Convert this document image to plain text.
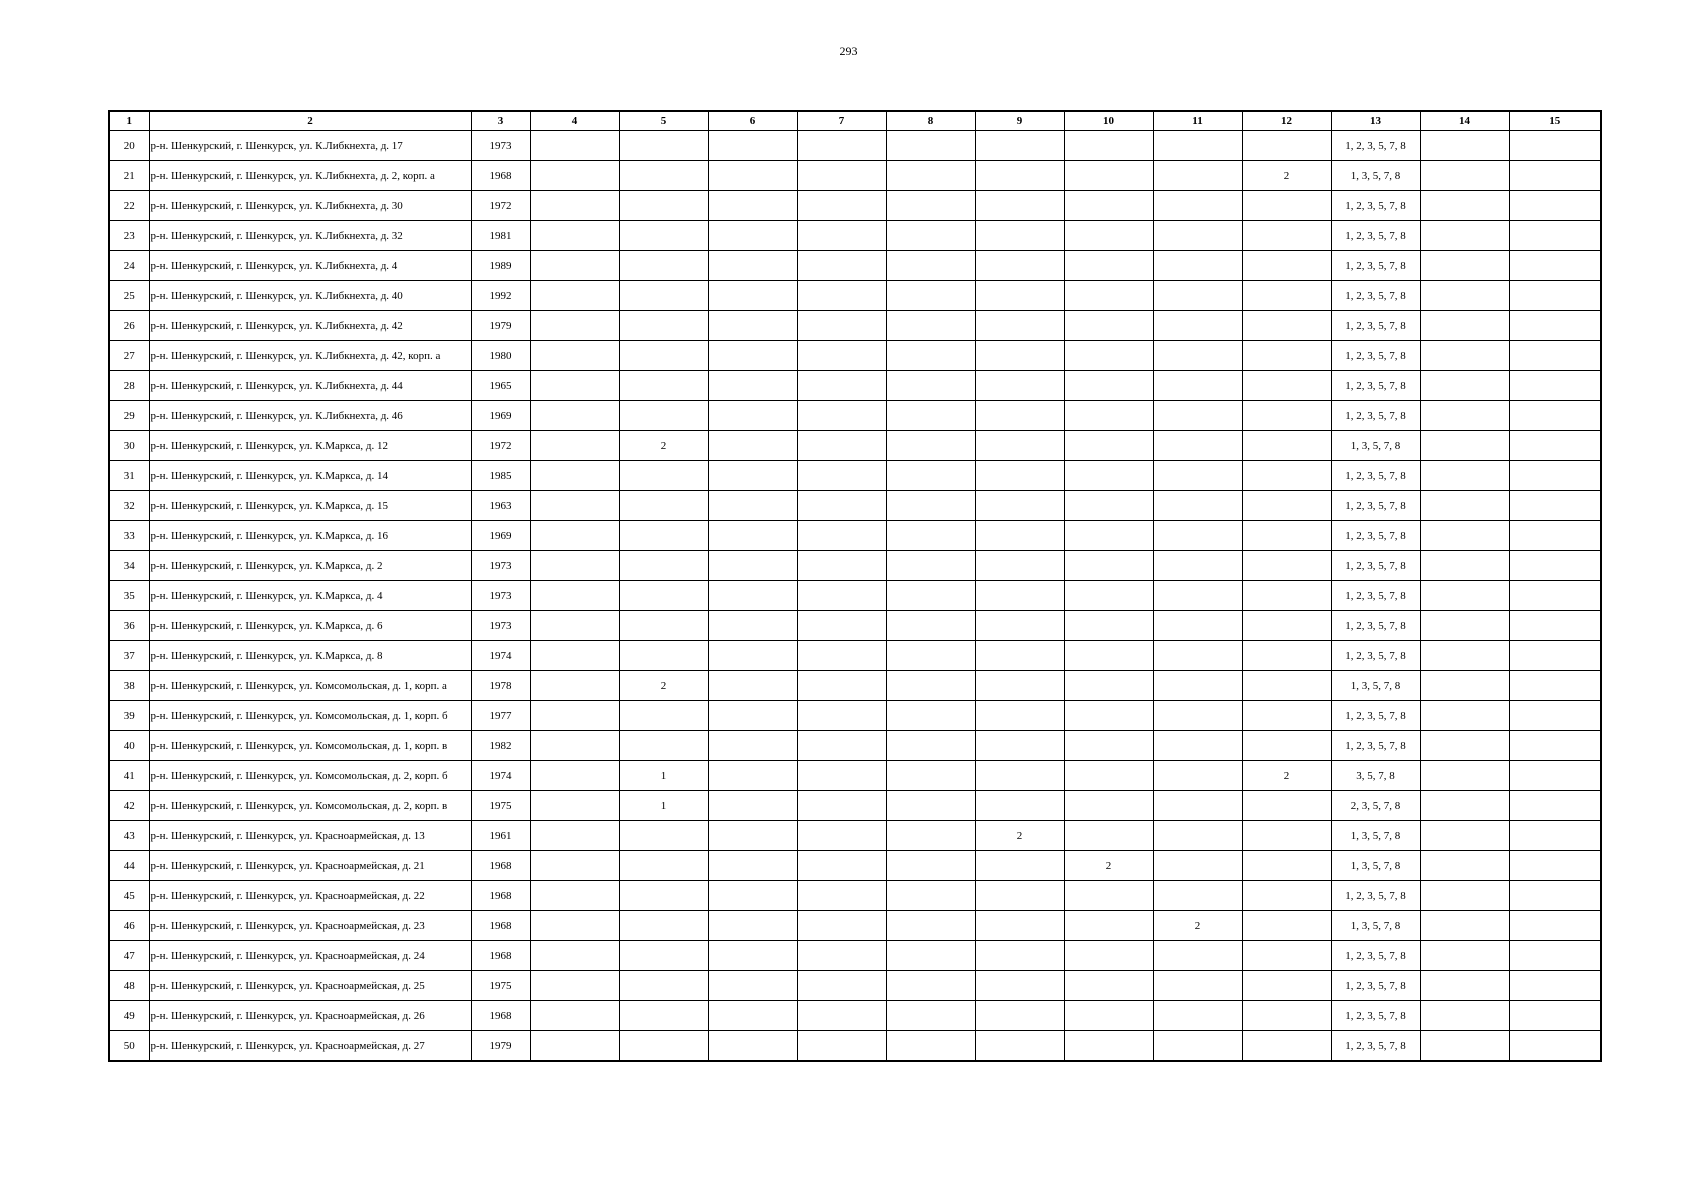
293
1	2	3	4	5	6	7	8	9	10	11	12	13	14	15
20	р-н. Шенкурский, г. Шенкурск, ул. К.Либкнехта, д. 17	1973										1, 2, 3, 5, 7, 8		
21	р-н. Шенкурский, г. Шенкурск, ул. К.Либкнехта, д. 2, корп. а	1968									2	1, 3, 5, 7, 8		
22	р-н. Шенкурский, г. Шенкурск, ул. К.Либкнехта, д. 30	1972										1, 2, 3, 5, 7, 8		
23	р-н. Шенкурский, г. Шенкурск, ул. К.Либкнехта, д. 32	1981										1, 2, 3, 5, 7, 8		
24	р-н. Шенкурский, г. Шенкурск, ул. К.Либкнехта, д. 4	1989										1, 2, 3, 5, 7, 8		
25	р-н. Шенкурский, г. Шенкурск, ул. К.Либкнехта, д. 40	1992										1, 2, 3, 5, 7, 8		
26	р-н. Шенкурский, г. Шенкурск, ул. К.Либкнехта, д. 42	1979										1, 2, 3, 5, 7, 8		
27	р-н. Шенкурский, г. Шенкурск, ул. К.Либкнехта, д. 42, корп. а	1980										1, 2, 3, 5, 7, 8		
28	р-н. Шенкурский, г. Шенкурск, ул. К.Либкнехта, д. 44	1965										1, 2, 3, 5, 7, 8		
29	р-н. Шенкурский, г. Шенкурск, ул. К.Либкнехта, д. 46	1969										1, 2, 3, 5, 7, 8		
30	р-н. Шенкурский, г. Шенкурск, ул. К.Маркса, д. 12	1972		2								1, 3, 5, 7, 8		
31	р-н. Шенкурский, г. Шенкурск, ул. К.Маркса, д. 14	1985										1, 2, 3, 5, 7, 8		
32	р-н. Шенкурский, г. Шенкурск, ул. К.Маркса, д. 15	1963										1, 2, 3, 5, 7, 8		
33	р-н. Шенкурский, г. Шенкурск, ул. К.Маркса, д. 16	1969										1, 2, 3, 5, 7, 8		
34	р-н. Шенкурский, г. Шенкурск, ул. К.Маркса, д. 2	1973										1, 2, 3, 5, 7, 8		
35	р-н. Шенкурский, г. Шенкурск, ул. К.Маркса, д. 4	1973										1, 2, 3, 5, 7, 8		
36	р-н. Шенкурский, г. Шенкурск, ул. К.Маркса, д. 6	1973										1, 2, 3, 5, 7, 8		
37	р-н. Шенкурский, г. Шенкурск, ул. К.Маркса, д. 8	1974										1, 2, 3, 5, 7, 8		
38	р-н. Шенкурский, г. Шенкурск, ул. Комсомольская, д. 1, корп. а	1978		2								1, 3, 5, 7, 8		
39	р-н. Шенкурский, г. Шенкурск, ул. Комсомольская, д. 1, корп. б	1977										1, 2, 3, 5, 7, 8		
40	р-н. Шенкурский, г. Шенкурск, ул. Комсомольская, д. 1, корп. в	1982										1, 2, 3, 5, 7, 8		
41	р-н. Шенкурский, г. Шенкурск, ул. Комсомольская, д. 2, корп. б	1974		1							2	3, 5, 7, 8		
42	р-н. Шенкурский, г. Шенкурск, ул. Комсомольская, д. 2, корп. в	1975		1								2, 3, 5, 7, 8		
43	р-н. Шенкурский, г. Шенкурск, ул. Красноармейская, д. 13	1961						2				1, 3, 5, 7, 8		
44	р-н. Шенкурский, г. Шенкурск, ул. Красноармейская, д. 21	1968							2			1, 3, 5, 7, 8		
45	р-н. Шенкурский, г. Шенкурск, ул. Красноармейская, д. 22	1968										1, 2, 3, 5, 7, 8		
46	р-н. Шенкурский, г. Шенкурск, ул. Красноармейская, д. 23	1968								2		1, 3, 5, 7, 8		
47	р-н. Шенкурский, г. Шенкурск, ул. Красноармейская, д. 24	1968										1, 2, 3, 5, 7, 8		
48	р-н. Шенкурский, г. Шенкурск, ул. Красноармейская, д. 25	1975										1, 2, 3, 5, 7, 8		
49	р-н. Шенкурский, г. Шенкурск, ул. Красноармейская, д. 26	1968										1, 2, 3, 5, 7, 8		
50	р-н. Шенкурский, г. Шенкурск, ул. Красноармейская, д. 27	1979										1, 2, 3, 5, 7, 8		
